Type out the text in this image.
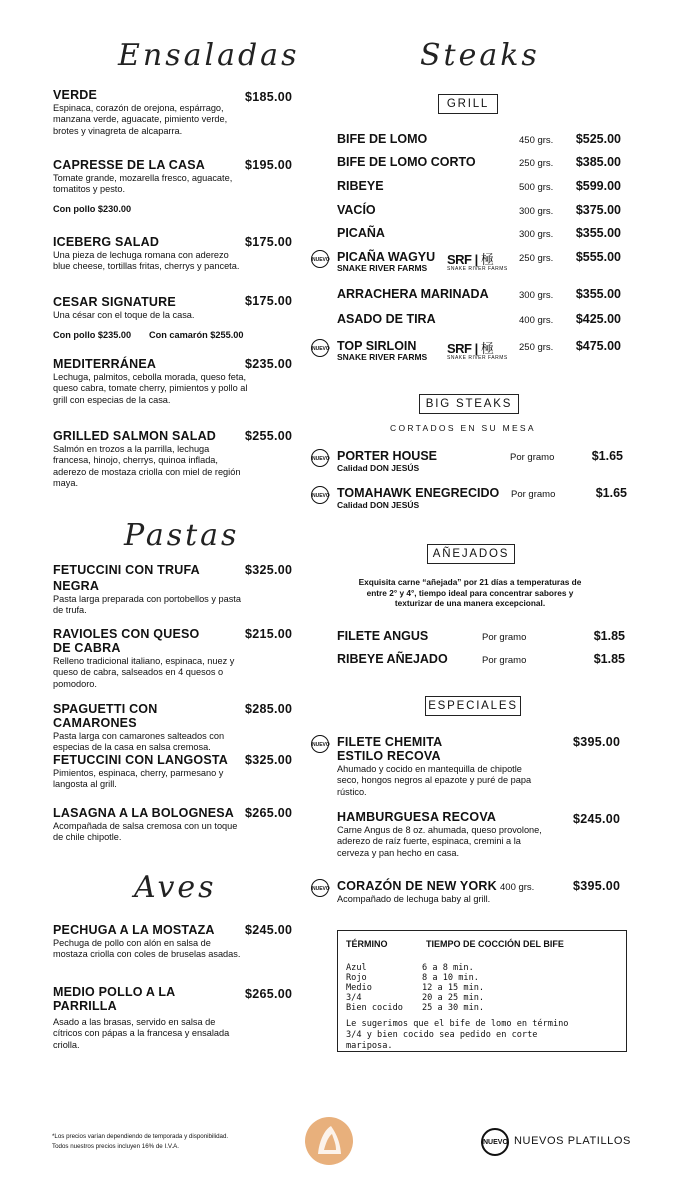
Ensaladas
VERDE
Espinaca, corazón de orejona, espárrago, manzana verde, aguacate, pimiento verde, brotes y vinagreta de alcaparra.
$185.00
CAPRESSE DE LA CASA
Tomate grande, mozarella fresco, aguacate, tomatitos y pesto.
$195.00
Con pollo $230.00
ICEBERG SALAD
Una pieza de lechuga romana con aderezo blue cheese, tortillas fritas, cherrys y panceta.
$175.00
CESAR SIGNATURE
Una césar con el toque de la casa.
$175.00
Con pollo $235.00 Con camarón $255.00
MEDITERRÁNEA
Lechuga, palmitos, cebolla morada, queso feta, queso cabra, tomate cherry, pimientos y pollo al grill con especias de la casa.
$235.00
GRILLED SALMON SALAD
Salmón en trozos a la parrilla, lechuga francesa, hinojo, cherrys, quinoa inflada, aderezo de mostaza criolla con miel de región maya.
$255.00
Pastas
FETUCCINI CON TRUFA
NEGRA
Pasta larga preparada con portobellos y pasta de trufa.
$325.00
RAVIOLES CON QUESO
DE CABRA
Relleno tradicional italiano, espinaca, nuez y queso de cabra, salseados en 4 quesos o pomodoro.
$215.00
SPAGUETTI CON CAMARONES
Pasta larga con camarones salteados con especias de la casa en salsa cremosa.
$285.00
FETUCCINI CON LANGOSTA
Pimientos, espinaca, cherry, parmesano y langosta al grill.
$325.00
LASAGNA A LA BOLOGNESA
Acompañada de salsa cremosa con un toque de chile chipotle.
$265.00
Aves
PECHUGA A LA MOSTAZA
Pechuga de pollo con alón en salsa de mostaza criolla con coles de bruselas asadas.
$245.00
MEDIO POLLO A LA
PARRILLA
Asado a las brasas, servido en salsa de cítricos con pápas a la francesa y ensalada criolla.
$265.00
Steaks
GRILL
BIFE DE LOMO	450 grs. $525.00
BIFE DE LOMO CORTO	250 grs. $385.00
RIBEYE	500 grs. $599.00
VACÍO	300 grs. $375.00
PICAÑA	300 grs. $355.00
PICAÑA WAGYU
SNAKE RIVER FARMS
SRF | 極
SNAKE RIVER FARMS
250 grs. $555.00
ARRACHERA MARINADA	300 grs. $355.00
ASADO DE TIRA	400 grs. $425.00
TOP SIRLOIN
SNAKE RIVER FARMS
SRF | 極
SNAKE RIVER FARMS
250 grs. $475.00
BIG STEAKS
CORTADOS EN SU MESA
NUEVO PORTER HOUSE
Calidad DON JESÚS
Por gramo	$1.65
NUEVO TOMAHAWK ENEGRECIDO
Calidad DON JESÚS
Por gramo	$1.65
AÑEJADOS
Exquisita carne “añejada” por 21 días a temperaturas de entre 2° y 4°, tiempo ideal para concentrar sabores y texturizar de una manera excepcional.
FILETE ANGUS	Por gramo	$1.85
RIBEYE AÑEJADO	Por gramo	$1.85
ESPECIALES
NUEVO FILETE CHEMITA
ESTILO RECOVA
Ahumado y cocido en mantequilla de chipotle seco, hongos negros al epazote y puré de papa rústico.
$395.00
HAMBURGUESA RECOVA
Carne Angus de 8 oz. ahumada, queso provolone, aderezo de raíz fuerte, espinaca, cremini a la cerveza y pan hecho en casa.
$245.00
NUEVO CORAZÓN DE NEW YORK
Acompañado de lechuga baby al grill.
400 grs.	$395.00
TÉRMINO	TIEMPO DE COCCIÓN DEL BIFE
Azul	6 a 8 min.
Rojo	8 a 10 min.
Medio	12 a 15 min.
3/4	20 a 25 min.
Bien cocido 25 a 30 min.
Le sugerimos que el bife de lomo en término 3/4 y bien cocido sea pedido en corte mariposa.
*Los precios varían dependiendo de temporada y disponibilidad.
Todos nuestros precios incluyen 16% de I.V.A.
NUEVO NUEVOS PLATILLOS
NUEVO
NUEVO
